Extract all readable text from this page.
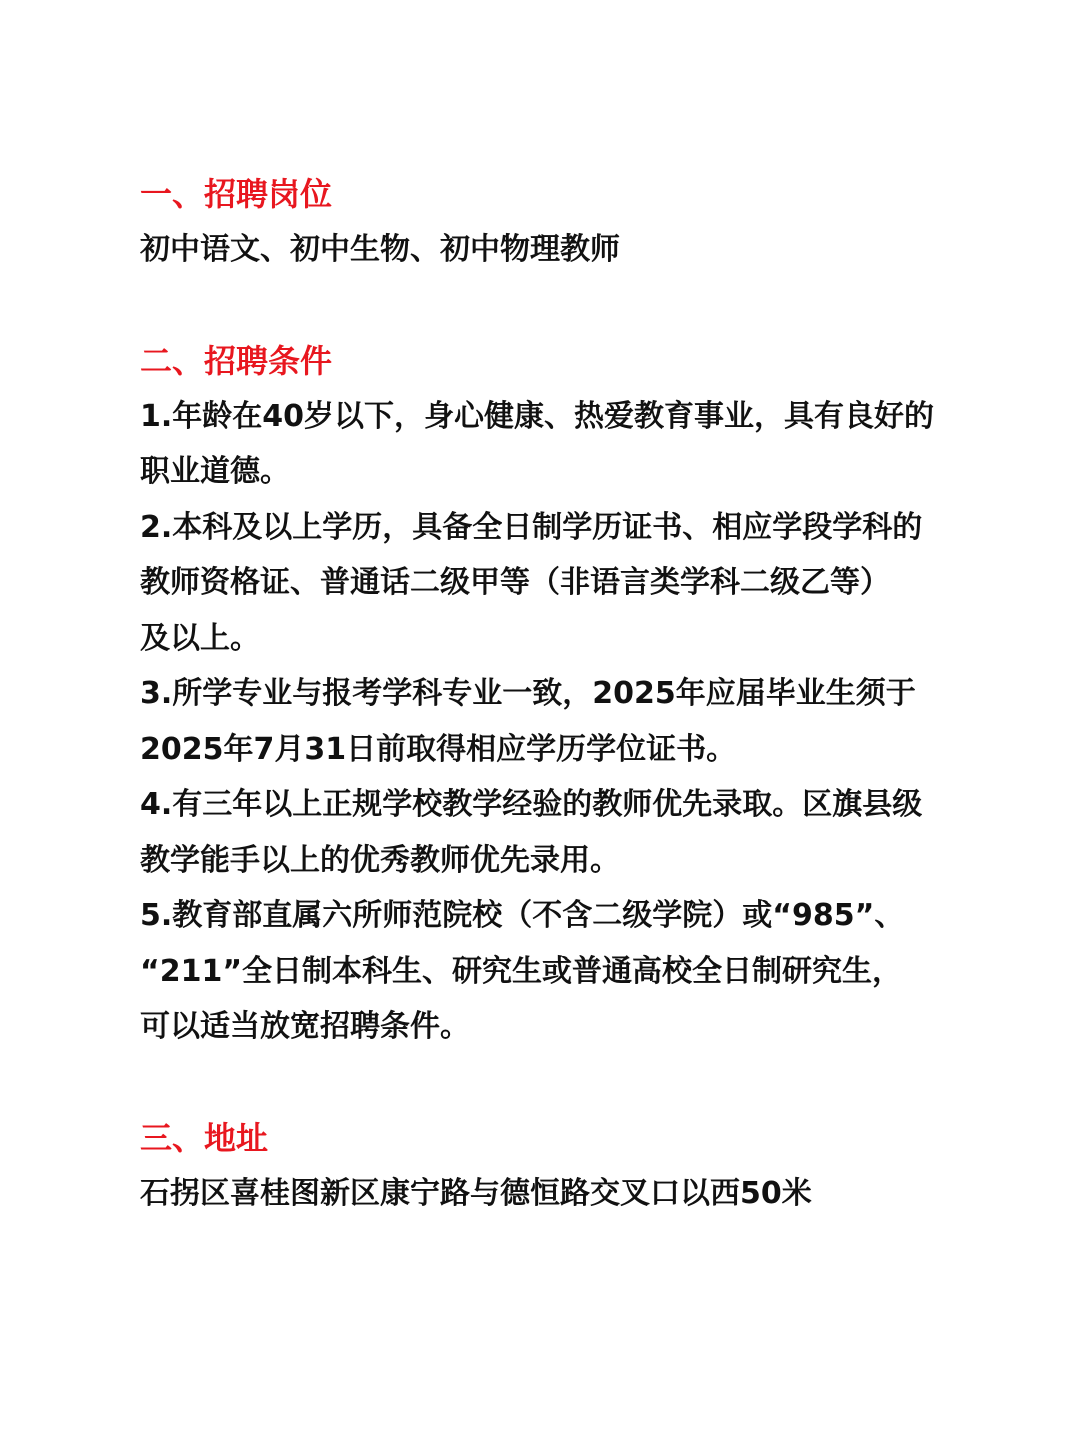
一、招聘岗位
初中语文、初中生物、初中物理教师
二、招聘条件
1.年龄在40岁以下，身心健康、热爱教育事业，具有良好的
职业道德。
2.本科及以上学历，具备全日制学历证书、相应学段学科的
教师资格证、普通话二级甲等（非语言类学科二级乙等）
及以上。
3.所学专业与报考学科专业一致，2025年应届毕业生须于
2025年7月31日前取得相应学历学位证书。
4.有三年以上正规学校教学经验的教师优先录取。区旗县级
教学能手以上的优秀教师优先录用。
5.教育部直属六所师范院校（不含二级学院）或“985”、
“211”全日制本科生、研究生或普通高校全日制研究生，
可以适当放宽招聘条件。
三、地址
石拐区喜桂图新区康宁路与德恒路交叉口以西50米
